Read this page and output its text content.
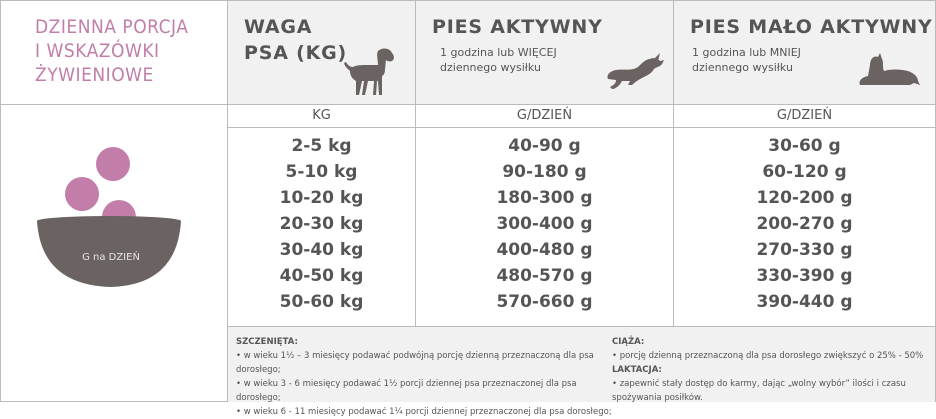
DZIENNA PORCJA
I WSKAZÓWKI
ŻYWIENIOWE
G na DZIEŃ
WAGA
PSA (KG)
PIES AKTYWNY
1 godzina lub WIĘCEJ
dziennego wysiłku
PIES MAŁO AKTYWNY
1 godzina lub MNIEJ
dziennego wysiłku
KG	G/DZIEŃ	G/DZIEŃ
2-5 kg	40-90 g	30-60 g
5-10 kg	90-180 g	60-120 g
10-20 kg	180-300 g	120-200 g
20-30 kg	300-400 g	200-270 g
30-40 kg	400-480 g	270-330 g
40-50 kg	480-570 g	330-390 g
50-60 kg	570-660 g	390-440 g
SZCZENIĘTA:
• w wieku 1½ – 3 miesięcy podawać podwójną porcję dzienną przeznaczoną dla psa dorosłego;
• w wieku 3 - 6 miesięcy podawać 1½ porcji dziennej psa przeznaczonej dla psa dorosłego;
• w wieku 6 - 11 miesięcy podawać 1¼ porcji dziennej przeznaczonej dla psa dorosłego;
CIĄŻA:
• porcję dzienną przeznaczoną dla psa dorosłego zwiększyć o 25% - 50%
LAKTACJA:
• zapewnić stały dostęp do karmy, dając „wolny wybór” ilości i czasu spożywania posiłków.
